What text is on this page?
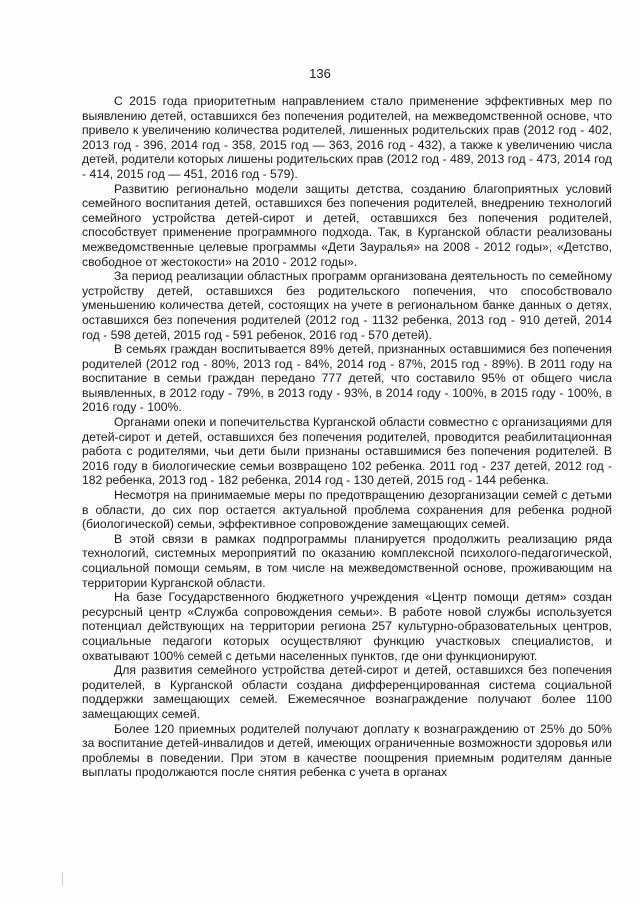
136

С 2015 года приоритетным направлением стало применение эффективных мер по выявлению детей, оставшихся без попечения родителей, на межведомственной основе, что привело к увеличению количества родителей, лишенных родительских прав (2012 год - 402, 2013 год - 396, 2014 год - 358, 2015 год — 363, 2016 год - 432), а также к увеличению числа детей, родители которых лишены родительских прав (2012 год - 489, 2013 год - 473, 2014 год - 414, 2015 год — 451, 2016 год - 579).

Развитию регионально модели защиты детства, созданию благоприятных условий семейного воспитания детей, оставшихся без попечения родителей, внедрению технологий семейного устройства детей-сирот и детей, оставшихся без попечения родителей, способствует применение программного подхода. Так, в Курганской области реализованы межведомственные целевые программы «Дети Зауралья» на 2008 - 2012 годы», «Детство, свободное от жестокости» на 2010 - 2012 годы».

За период реализации областных программ организована деятельность по семейному устройству детей, оставшихся без родительского попечения, что способствовало уменьшению количества детей, состоящих на учете в региональном банке данных о детях, оставшихся без попечения родителей (2012 год - 1132 ребенка, 2013 год - 910 детей, 2014 год - 598 детей, 2015 год - 591 ребенок, 2016 год - 570 детей).

В семьях граждан воспитывается 89% детей, признанных оставшимися без попечения родителей (2012 год - 80%, 2013 год - 84%, 2014 год - 87%, 2015 год - 89%). В 2011 году на воспитание в семьи граждан передано 777 детей, что составило 95% от общего числа выявленных, в 2012 году - 79%, в 2013 году - 93%, в 2014 году - 100%, в 2015 году - 100%, в 2016 году - 100%.

Органами опеки и попечительства Курганской области совместно с организациями для детей-сирот и детей, оставшихся без попечения родителей, проводится реабилитационная работа с родителями, чьи дети были признаны оставшимися без попечения родителей. В 2016 году в биологические семьи возвращено 102 ребенка. 2011 год - 237 детей, 2012 год - 182 ребенка, 2013 год - 182 ребенка, 2014 год - 130 детей, 2015 год - 144 ребенка.

Несмотря на принимаемые меры по предотвращению дезорганизации семей с детьми в области, до сих пор остается актуальной проблема сохранения для ребенка родной (биологической) семьи, эффективное сопровождение замещающих семей.

В этой связи в рамках подпрограммы планируется продолжить реализацию ряда технологий, системных мероприятий по оказанию комплексной психолого-педагогической, социальной помощи семьям, в том числе на межведомственной основе, проживающим на территории Курганской области.

На базе Государственного бюджетного учреждения «Центр помощи детям» создан ресурсный центр «Служба сопровождения семьи». В работе новой службы используется потенциал действующих на территории региона 257 культурно-образовательных центров, социальные педагоги которых осуществляют функцию участковых специалистов, и охватывают 100% семей с детьми населенных пунктов, где они функционируют.

Для развития семейного устройства детей-сирот и детей, оставшихся без попечения родителей, в Курганской области создана дифференцированная система социальной поддержки замещающих семей. Ежемесячное вознаграждение получают более 1100 замещающих семей.

Более 120 приемных родителей получают доплату к вознаграждению от 25% до 50% за воспитание детей-инвалидов и детей, имеющих ограниченные возможности здоровья или проблемы в поведении. При этом в качестве поощрения приемным родителям данные выплаты продолжаются после снятия ребенка с учета в органах
